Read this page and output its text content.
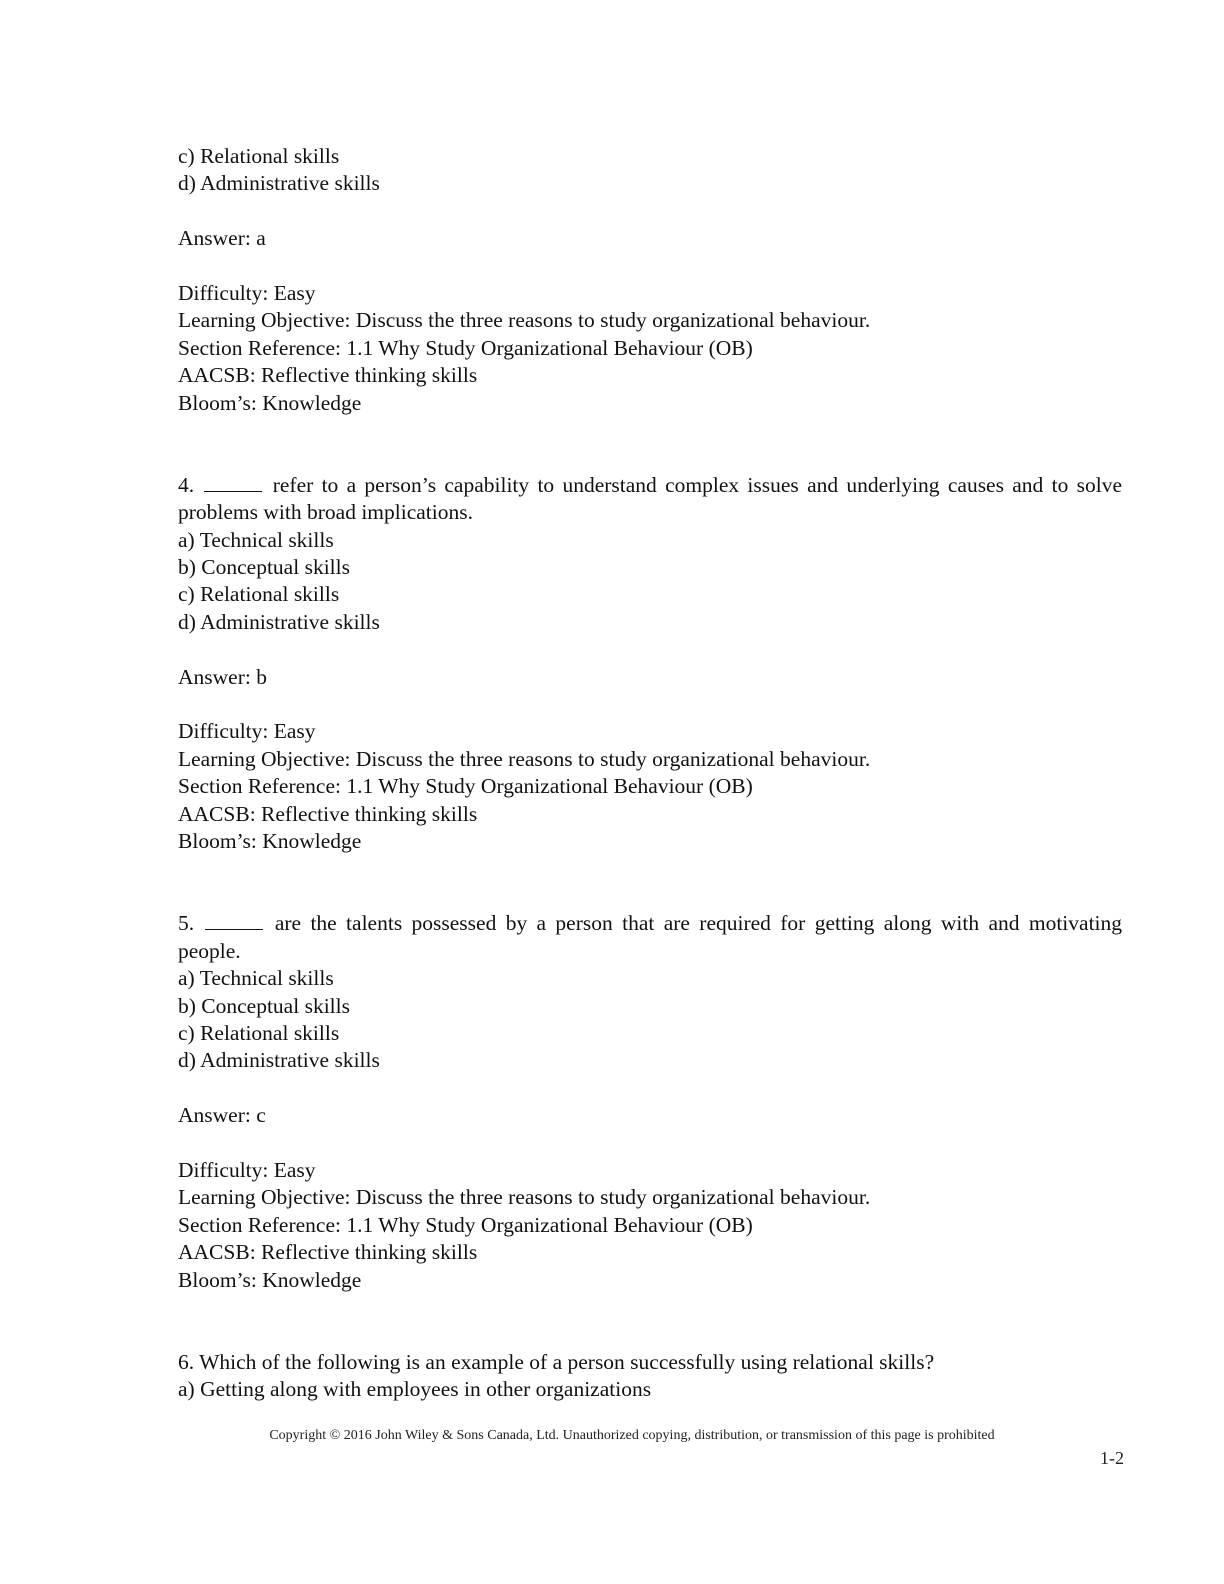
c) Relational skills
d) Administrative skills
Answer: a
Difficulty: Easy
Learning Objective: Discuss the three reasons to study organizational behaviour.
Section Reference: 1.1 Why Study Organizational Behaviour (OB)
AACSB: Reflective thinking skills
Bloom’s: Knowledge
4.	refer to a person’s capability to understand complex issues and underlying causes and to solve problems with broad implications.
a) Technical skills
b) Conceptual skills
c) Relational skills
d) Administrative skills
Answer: b
Difficulty: Easy
Learning Objective: Discuss the three reasons to study organizational behaviour.
Section Reference: 1.1 Why Study Organizational Behaviour (OB)
AACSB: Reflective thinking skills
Bloom’s: Knowledge
5.	are the talents possessed by a person that are required for getting along with and motivating people.
a) Technical skills
b) Conceptual skills
c) Relational skills
d) Administrative skills
Answer: c
Difficulty: Easy
Learning Objective: Discuss the three reasons to study organizational behaviour.
Section Reference: 1.1 Why Study Organizational Behaviour (OB)
AACSB: Reflective thinking skills
Bloom’s: Knowledge
6. Which of the following is an example of a person successfully using relational skills?
a) Getting along with employees in other organizations
Copyright © 2016 John Wiley & Sons Canada, Ltd. Unauthorized copying, distribution, or transmission of this page is prohibited
1-2
